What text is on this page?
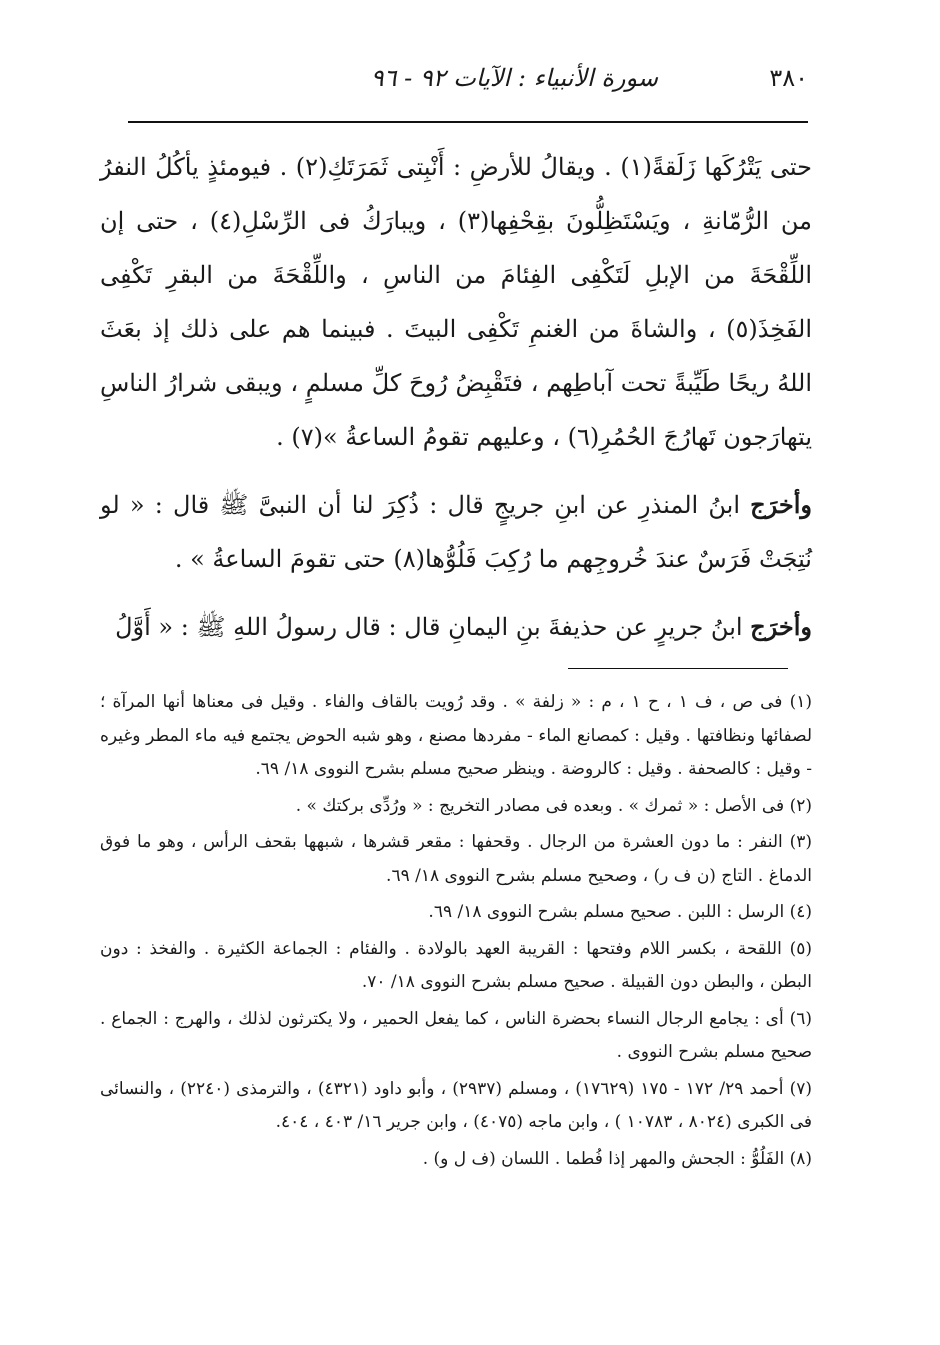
٣٨٠
سورة الأنبياء : الآيات ٩٢ - ٩٦

حتى يَتْرُكَها زَلَقةً(١) . ويقالُ للأرضِ : أَنْبِتى ثَمَرَتَكِ(٢) . فيومئذٍ يأكُلُ النفرُ من الرُّمّانةِ ، ويَسْتَظِلُّونَ بقِحْفِها(٣) ، ويبارَكُ فى الرِّسْلِ(٤) ، حتى إن اللِّقْحَةَ من الإبلِ لَتَكْفِى الفِئامَ من الناسِ ، واللِّقْحَةَ من البقرِ تَكْفِى الفَخِذَ(٥) ، والشاةَ من الغنمِ تَكْفِى البيتَ . فبينما هم على ذلك إذ بعَثَ اللهُ ريحًا طَيِّبةً تحت آباطِهم ، فتَقْبِضُ رُوحَ كلِّ مسلمٍ ، ويبقى شرارُ الناسِ يتهارَجون تَهارُجَ الحُمُرِ(٦) ، وعليهم تقومُ الساعةُ »(٧) .

وأخرَج ابنُ المنذرِ عن ابنِ جريجٍ قال : ذُكِرَ لنا أن النبىَّ ﷺ قال : « لو نُتِجَتْ فَرَسٌ عندَ خُروجِهم ما رُكِبَ فَلُوُّها(٨) حتى تقومَ الساعةُ » .

وأخرَج ابنُ جريرٍ عن حذيفةَ بنِ اليمانِ قال : قال رسولُ اللهِ ﷺ : « أَوَّلُ

(١) فى ص ، ف ١ ، ح ١ ، م : « زلفة » . وقد رُويت بالقاف والفاء . وقيل فى معناها أنها المرآة ؛ لصفائها ونظافتها . وقيل : كمصانع الماء - مفردها مصنع ، وهو شبه الحوض يجتمع فيه ماء المطر وغيره - وقيل : كالصحفة . وقيل : كالروضة . وينظر صحيح مسلم بشرح النووى ١٨/ ٦٩.

(٢) فى الأصل : « ثمرك » . وبعده فى مصادر التخريج : « ورُدِّى بركتك » .

(٣) النفر : ما دون العشرة من الرجال . وقحفها : مقعر قشرها ، شبهها بقحف الرأس ، وهو ما فوق الدماغ . التاج (ن ف ر) ، وصحيح مسلم بشرح النووى ١٨/ ٦٩.

(٤) الرسل : اللبن . صحيح مسلم بشرح النووى ١٨/ ٦٩.

(٥) اللقحة ، بكسر اللام وفتحها : القريبة العهد بالولادة . والفئام : الجماعة الكثيرة . والفخذ : دون البطن ، والبطن دون القبيلة . صحيح مسلم بشرح النووى ١٨/ ٧٠.

(٦) أى : يجامع الرجال النساء بحضرة الناس ، كما يفعل الحمير ، ولا يكترثون لذلك ، والهرج : الجماع . صحيح مسلم بشرح النووى .

(٧) أحمد ٢٩/ ١٧٢ - ١٧٥ (١٧٦٢٩) ، ومسلم (٢٩٣٧) ، وأبو داود (٤٣٢١) ، والترمذى (٢٢٤٠) ، والنسائى فى الكبرى (٨٠٢٤ ، ١٠٧٨٣ ) ، وابن ماجه (٤٠٧٥) ، وابن جرير ١٦/ ٤٠٣ ، ٤٠٤.

(٨) الفَلُوُّ : الجحش والمهر إذا فُطما . اللسان (ف ل و) .
